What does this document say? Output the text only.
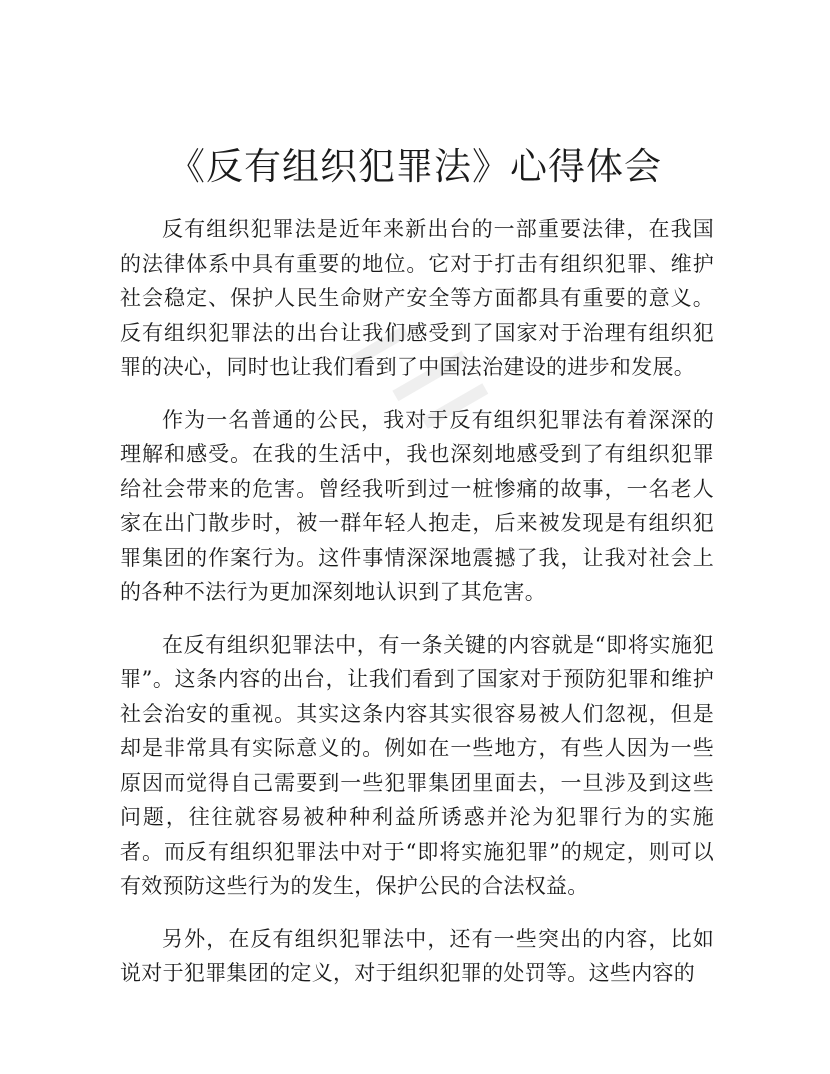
《反有组织犯罪法》心得体会

反有组织犯罪法是近年来新出台的一部重要法律，在我国的法律体系中具有重要的地位。它对于打击有组织犯罪、维护社会稳定、保护人民生命财产安全等方面都具有重要的意义。反有组织犯罪法的出台让我们感受到了国家对于治理有组织犯罪的决心，同时也让我们看到了中国法治建设的进步和发展。

作为一名普通的公民，我对于反有组织犯罪法有着深深的理解和感受。在我的生活中，我也深刻地感受到了有组织犯罪给社会带来的危害。曾经我听到过一桩惨痛的故事，一名老人家在出门散步时，被一群年轻人抱走，后来被发现是有组织犯罪集团的作案行为。这件事情深深地震撼了我，让我对社会上的各种不法行为更加深刻地认识到了其危害。

在反有组织犯罪法中，有一条关键的内容就是“即将实施犯罪”。这条内容的出台，让我们看到了国家对于预防犯罪和维护社会治安的重视。其实这条内容其实很容易被人们忽视，但是却是非常具有实际意义的。例如在一些地方，有些人因为一些原因而觉得自己需要到一些犯罪集团里面去，一旦涉及到这些问题，往往就容易被种种利益所诱惑并沦为犯罪行为的实施者。而反有组织犯罪法中对于“即将实施犯罪”的规定，则可以有效预防这些行为的发生，保护公民的合法权益。

另外，在反有组织犯罪法中，还有一些突出的内容，比如说对于犯罪集团的定义，对于组织犯罪的处罚等。这些内容的
